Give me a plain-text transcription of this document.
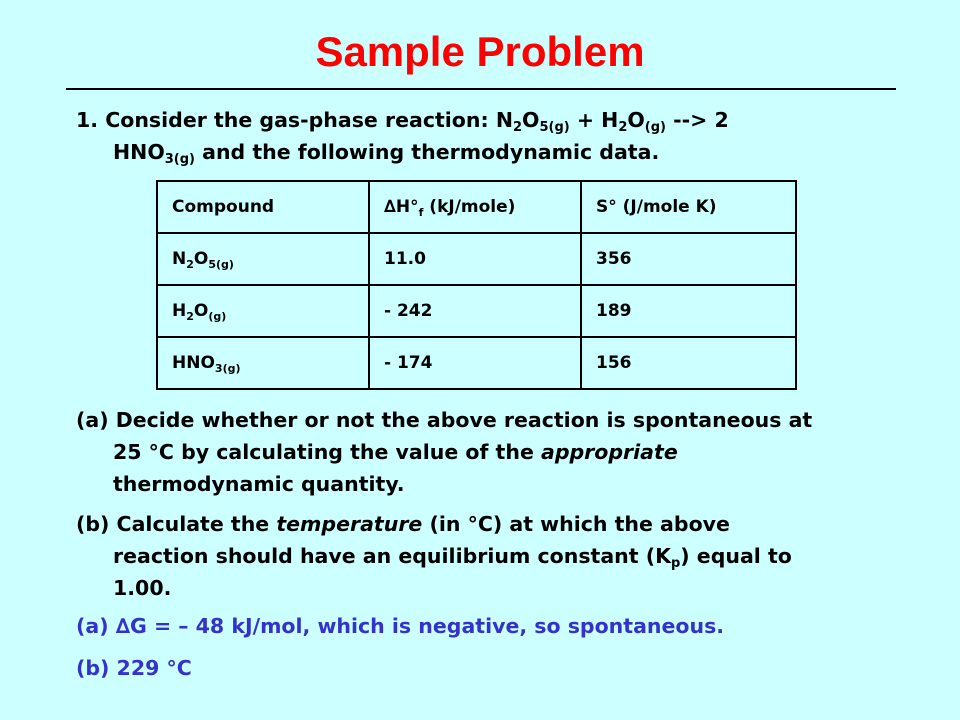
Sample Problem
1. Consider the gas-phase reaction: $N_2O_{5(g)} + H_2O_{(g)}$ --> 2
$HNO_{3(g)}$ and the following thermodynamic data.
Compound	$\Delta H^\circ_f$ (kJ/mole)	S° (J/mole K)
$N_2O_{5(g)}$	11.0	356
$H_2O_{(g)}$	- 242	189
$HNO_{3(g)}$	- 174	156
(a) Decide whether or not the above reaction is spontaneous at
25 °C by calculating the value of the appropriate
thermodynamic quantity.
(b) Calculate the temperature (in °C) at which the above
reaction should have an equilibrium constant $(K_p)$ equal to
1.00.
(a) ∆G = – 48 kJ/mol, which is negative, so spontaneous.
(b) 229 °C
